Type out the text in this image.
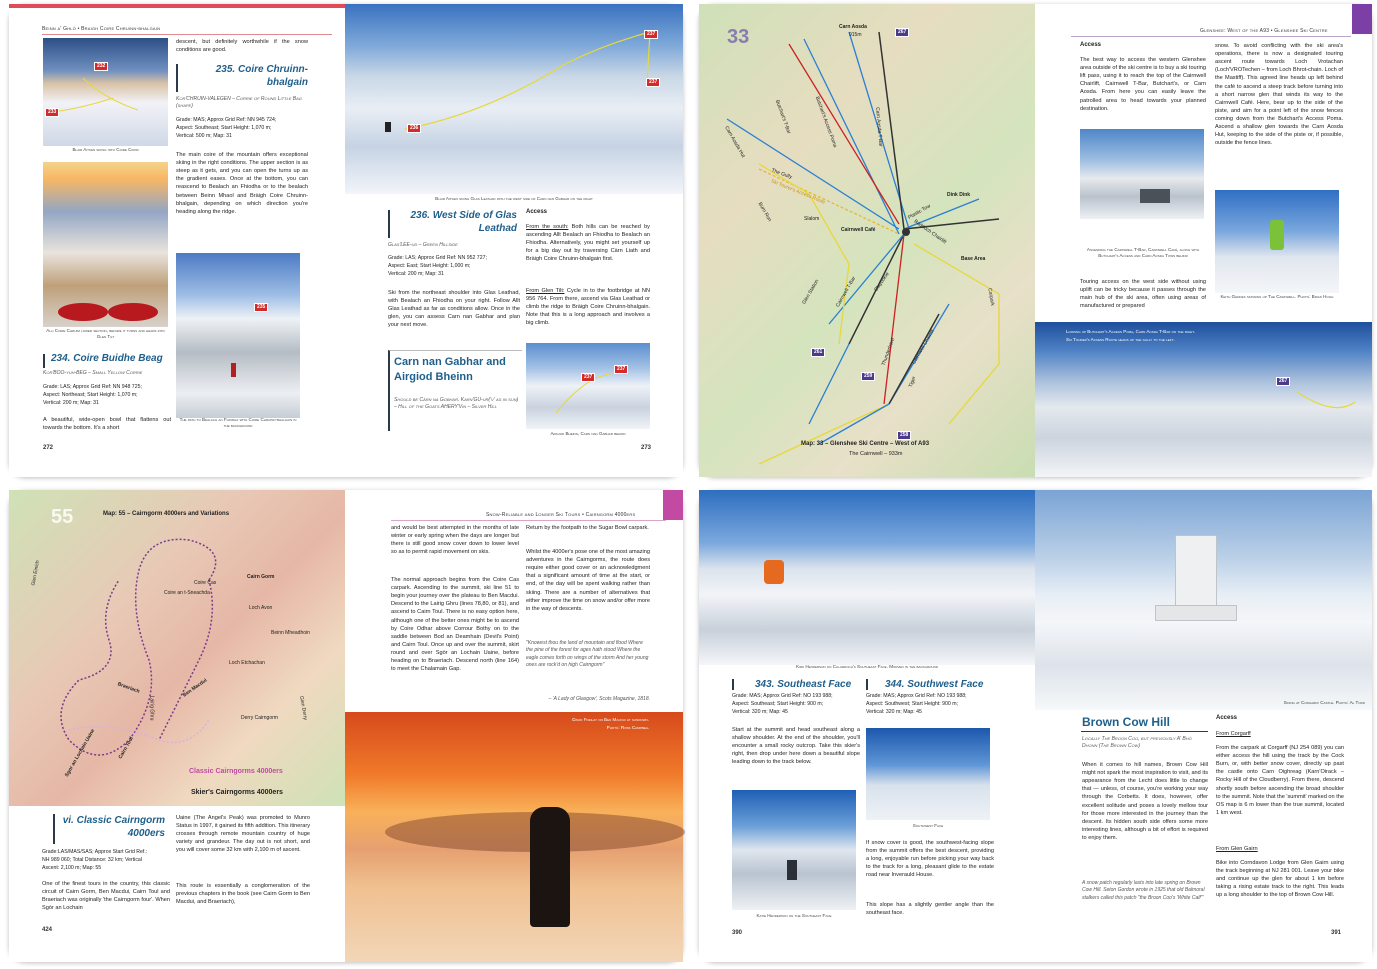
Beinn a' Ghlò • Braigh Coire Chruinn-bhalgain
232
233
Blair Aitken skiing into Coire Crom
Alli Coire Chruim lower section, before it turns and heads into Glen Tilt
descent, but definitely worthwhile if the snow conditions are good.
235. Coire Chruinn-bhalgain
Kor'CHRUIN-VALEGEN – Corrie of Round Little Bag (shape)
Grade: MAS; Approx Grid Ref: NN 945 724;
Aspect: Southeast; Start Height: 1,070 m;
Vertical: 500 m; Map: 31
The main coire of the mountain offers exceptional skiing in the right conditions. The upper section is as steep as it gets, and you can open the turns up as the gradient eases. Once at the bottom, you can reascend to Bealach an Fhiodha or to the bealach between Beinn Mhaol and Bràigh Coire Chruinn-bhalgain, depending on which direction you're heading along the ridge.
235
The path to Bealach an Fhiodha with Coire Chruinn-bhalgain in the background
234. Coire Buidhe Beag
Kor'BOO-yuh-BEG – Small Yellow Corrie
Grade: LAS; Approx Grid Ref: NN 948 725;
Aspect: Northeast; Start Height: 1,070 m;
Vertical: 200 m; Map: 31
A beautiful, wide-open bowl that flattens out towards the bottom. It's a short
272
237
237
236
Blair Aitken skiing Glas Leathad with the west side of Carn nan Gabhar on the right
236. West Side of Glas Leathad
Glas'LEE-ud – Green Hillside
Grade: LAS; Approx Grid Ref: NN 952 727;
Aspect: East; Start Height: 1,000 m;
Vertical: 200 m; Map: 31
Ski from the northeast shoulder into Glas Leathad, with Bealach an Fhiodha on your right. Follow Allt Glas Leathad as far as conditions allow. Once in the glen, you can assess Carn nan Gabhar and plan your next move.
Carn nan Gabhar and Airgiod Bheinn
Should be Càrn na Gobhar. Karn'GU-ur('v' as in sun) – Hill of the Goats AHERY'Vin – Silver Hill
Access
From the south: Both hills can be reached by ascending Allt Bealach an Fhiodha to Bealach an Fhiodha. Alternatively, you might set yourself up for a big day out by traversing Càrn Liath and Bràigh Coire Chruinn-bhalgain first.
From Glen Tilt: Cycle in to the footbridge at NN 956 764. From there, ascend via Glas Leathad or climb the ridge to Bràigh Coire Chruinn-bhalgain. Note that this is a long approach and involves a big climb.
237
237
Airgiod Bheinn, Carn nan Gabhar behind
273
33	Carn Aosda
915m	267
261
259
258
Butchart's T-Bar	Butchart's Access Poma	Carn Aosda T-Bar
Carn Aosda Hut
The Gully
Ski Tourer's Access Route
Slalom
Burn Run
Cairnwell Café
Plastic Tow
Dink Dink
Baddoch Chairlift
Base Area
Cairnwell T-Bar	Claybokie
Glen Station
Thunderbowl	Cairnwell Chairlift
Tiger
Carpark
Map: 33 – Glenshee Ski Centre – West of A93
The Cairnwell – 933m
Glenshee: West of the A93 • Glenshee Ski Centre
Access
The best way to access the western Glenshee area outside of the ski centre is to buy a ski touring lift pass, using it to reach the top of the Cairnwell Chairlift, Cairnwell T-Bar, Butchart's, or Carn Aosda. From here you can easily leave the patrolled area to head towards your planned destination.
Ascending the Cairnwell T-Bar, Cairnwell Café, along with Butchart's Access and Carn Aosda Tows behind
Touring access on the west side without using uplift can be tricky because it passes through the main hub of the ski area, often using areas of manufactured or prepared
snow. To avoid conflicting with the ski area's operations, there is now a designated touring ascent route towards Loch Vrotachan (Loch'VROTechen – from Loch Bhrot-chain. Loch of the Mastiff). This agreed line heads up left behind the café to ascend a steep track before turning into a short narrow glen that winds its way to the Cairnwell Café. Here, bear up to the side of the piste, and aim for a point left of the snow fences coming down from the Butchart's Access Poma. Ascend a shallow glen towards the Carn Aosda Hut, keeping to the side of the piste or, if possible, outside the fence lines.
Keith Geddes skinning up The Cairnwell. Photo: Brian Hogg
267
Looking up Butchart's Access Poma, Carn Aosda T-Bar on the right.
Ski Tourer's Access Route heads up the gully to the left.
55	Map: 55 – Cairngorm 4000ers and Variations
Cairn Gorm
Ben Macdui
Cairn Toul
Braeriach
Sgor an Lochain Uaine
Beinn Mheadhoin
Loch Avon
Lairig Ghru	Derry Cairngorm	Glen Derry
Coire Cas
Glen Einich
Loch Etchachan
Coire an t-Sneachda
Classic Cairngorms 4000ers
Skier's Cairngorms 4000ers
vi. Classic Cairngorm 4000ers
Grade:LAS/MAS/SAS; Approx Start Grid Ref.:
NH 989 060; Total Distance: 32 km; Vertical
Ascent: 2,100 m; Map: 55
One of the finest tours in the country, this classic circuit of Cairn Gorm, Ben Macdui, Cairn Toul and Braeriach was originally 'the Cairngorm four'. When Sgòr an Lochain
Uaine (The Angel's Peak) was promoted to Munro Status in 1997, it gained its fifth addition. This itinerary crosses through remote mountain country of huge variety and grandeur. The day out is not short, and you will cover some 32 km with 2,100 m of ascent.
This route is essentially a conglomeration of the previous chapters in the book (see Cairn Gorm to Ben Macdui, and Braeriach),
424
Snow-Reliable and Longer Ski Tours • Cairngorm 4000ers
and would be best attempted in the months of late winter or early spring when the days are longer but there is still good snow cover down to lower level so as to permit rapid movement on skis.
The normal approach begins from the Coire Cas carpark. Ascending to the summit, ski line 51 to begin your journey over the plateau to Ben Macdui. Descend to the Lairig Ghru (lines 78,80, or 81), and ascend to Cairn Toul. There is no easy option here, although one of the better ones might be to ascend by Coire Odhar above Corrour Bothy on to the saddle between Bod an Deamhain (Devil's Point) and Cairn Toul. Once up and over the summit, skirt round and over Sgòr an Lochain Uaine, before heading on to Braeriach. Descend north (line 164) to meet the Chalamain Gap.
Return by the footpath to the Sugar Bowl carpark.
Whilst the 4000er's pose one of the most amazing adventures in the Cairngorms, the route does require either good cover or an acknowledgment that a significant amount of time at the start, or end, of the day will be spent walking rather than skiing. There are a number of alternatives that either improve the time on snow and/or offer more in the way of descents.
"Knowest thou the land of mountain and flood Where the pine of the forest for ages hath stood Where the eagle comes forth on wings of the storm And her young ones are rock'd on high Cairngorm"
– 'A Lady of Glasgow', Scots Magazine, 1818.
David Findlay on Ben Macdui at sundown.
Photo: Ross Campbell
Kirk Henderson on Culardoch's Southeast Face. Morven in the background
343. Southeast Face
Grade: MAS; Approx Grid Ref: NO 193 988;
Aspect: Southeast; Start Height: 900 m;
Vertical: 320 m; Map: 45
Start at the summit and head southeast along a shallow shoulder. At the end of the shoulder, you'll encounter a small rocky outcrop. Take this skier's right, then drop under here down a beautiful slope leading down to the track below.
Katie Henderson on the Southeast Face
344. Southwest Face
Grade: MAS; Approx Grid Ref: NO 193 988;
Aspect: Southwest; Start Height: 900 m;
Vertical: 320 m; Map: 45
Southwest Face
If snow cover is good, the southwest-facing slope from the summit offers the best descent, providing a long, enjoyable run before picking your way back to the track for a long, pleasant glide to the estate road near Inverauld House.
This slope has a slightly gentler angle than the southeast face.
390
Skiing at Corgarff Castle. Photo: Al Todd
Brown Cow Hill
Locally The Broon Coo, but previously A' Bhó Dhonn (The Brown Cow)
When it comes to hill names, Brown Cow Hill might not spark the most inspiration to visit, and its appearance from the Lecht does little to change that — unless, of course, you're working your way through the Corbetts. It does, however, offer excellent solitude and poses a lovely mellow tour for those more interested in the journey than the descent. Its hidden south side offers some more interesting lines, although a bit of effort is required to enjoy them.
A snow patch regularly lasts into late spring on Brown Cow Hill. Seton Gordon wrote in 1925 that old Balmoral stalkers called this patch "the Broon Coo's 'White Calf'"
Access
From Corgarff
From the carpark at Corgarff (NJ 254 089) you can either access the hill using the track by the Cock Burn, or, with better snow cover, directly up past the castle onto Carn Oighreag (Karn'Oirack – Rocky Hill of the Cloudberry). From there, descend shortly south before ascending the broad shoulder to the summit. Note that the 'summit' marked on the OS map is 6 m lower than the true summit, located 1 km west.
From Glen Gairn
Bike into Corndavon Lodge from Glen Gairn using the track beginning at NJ 281 001. Leave your bike and continue up the glen for about 1 km before taking a rising estate track to the right. This leads up a long shoulder to the top of Brown Cow Hill.
391
